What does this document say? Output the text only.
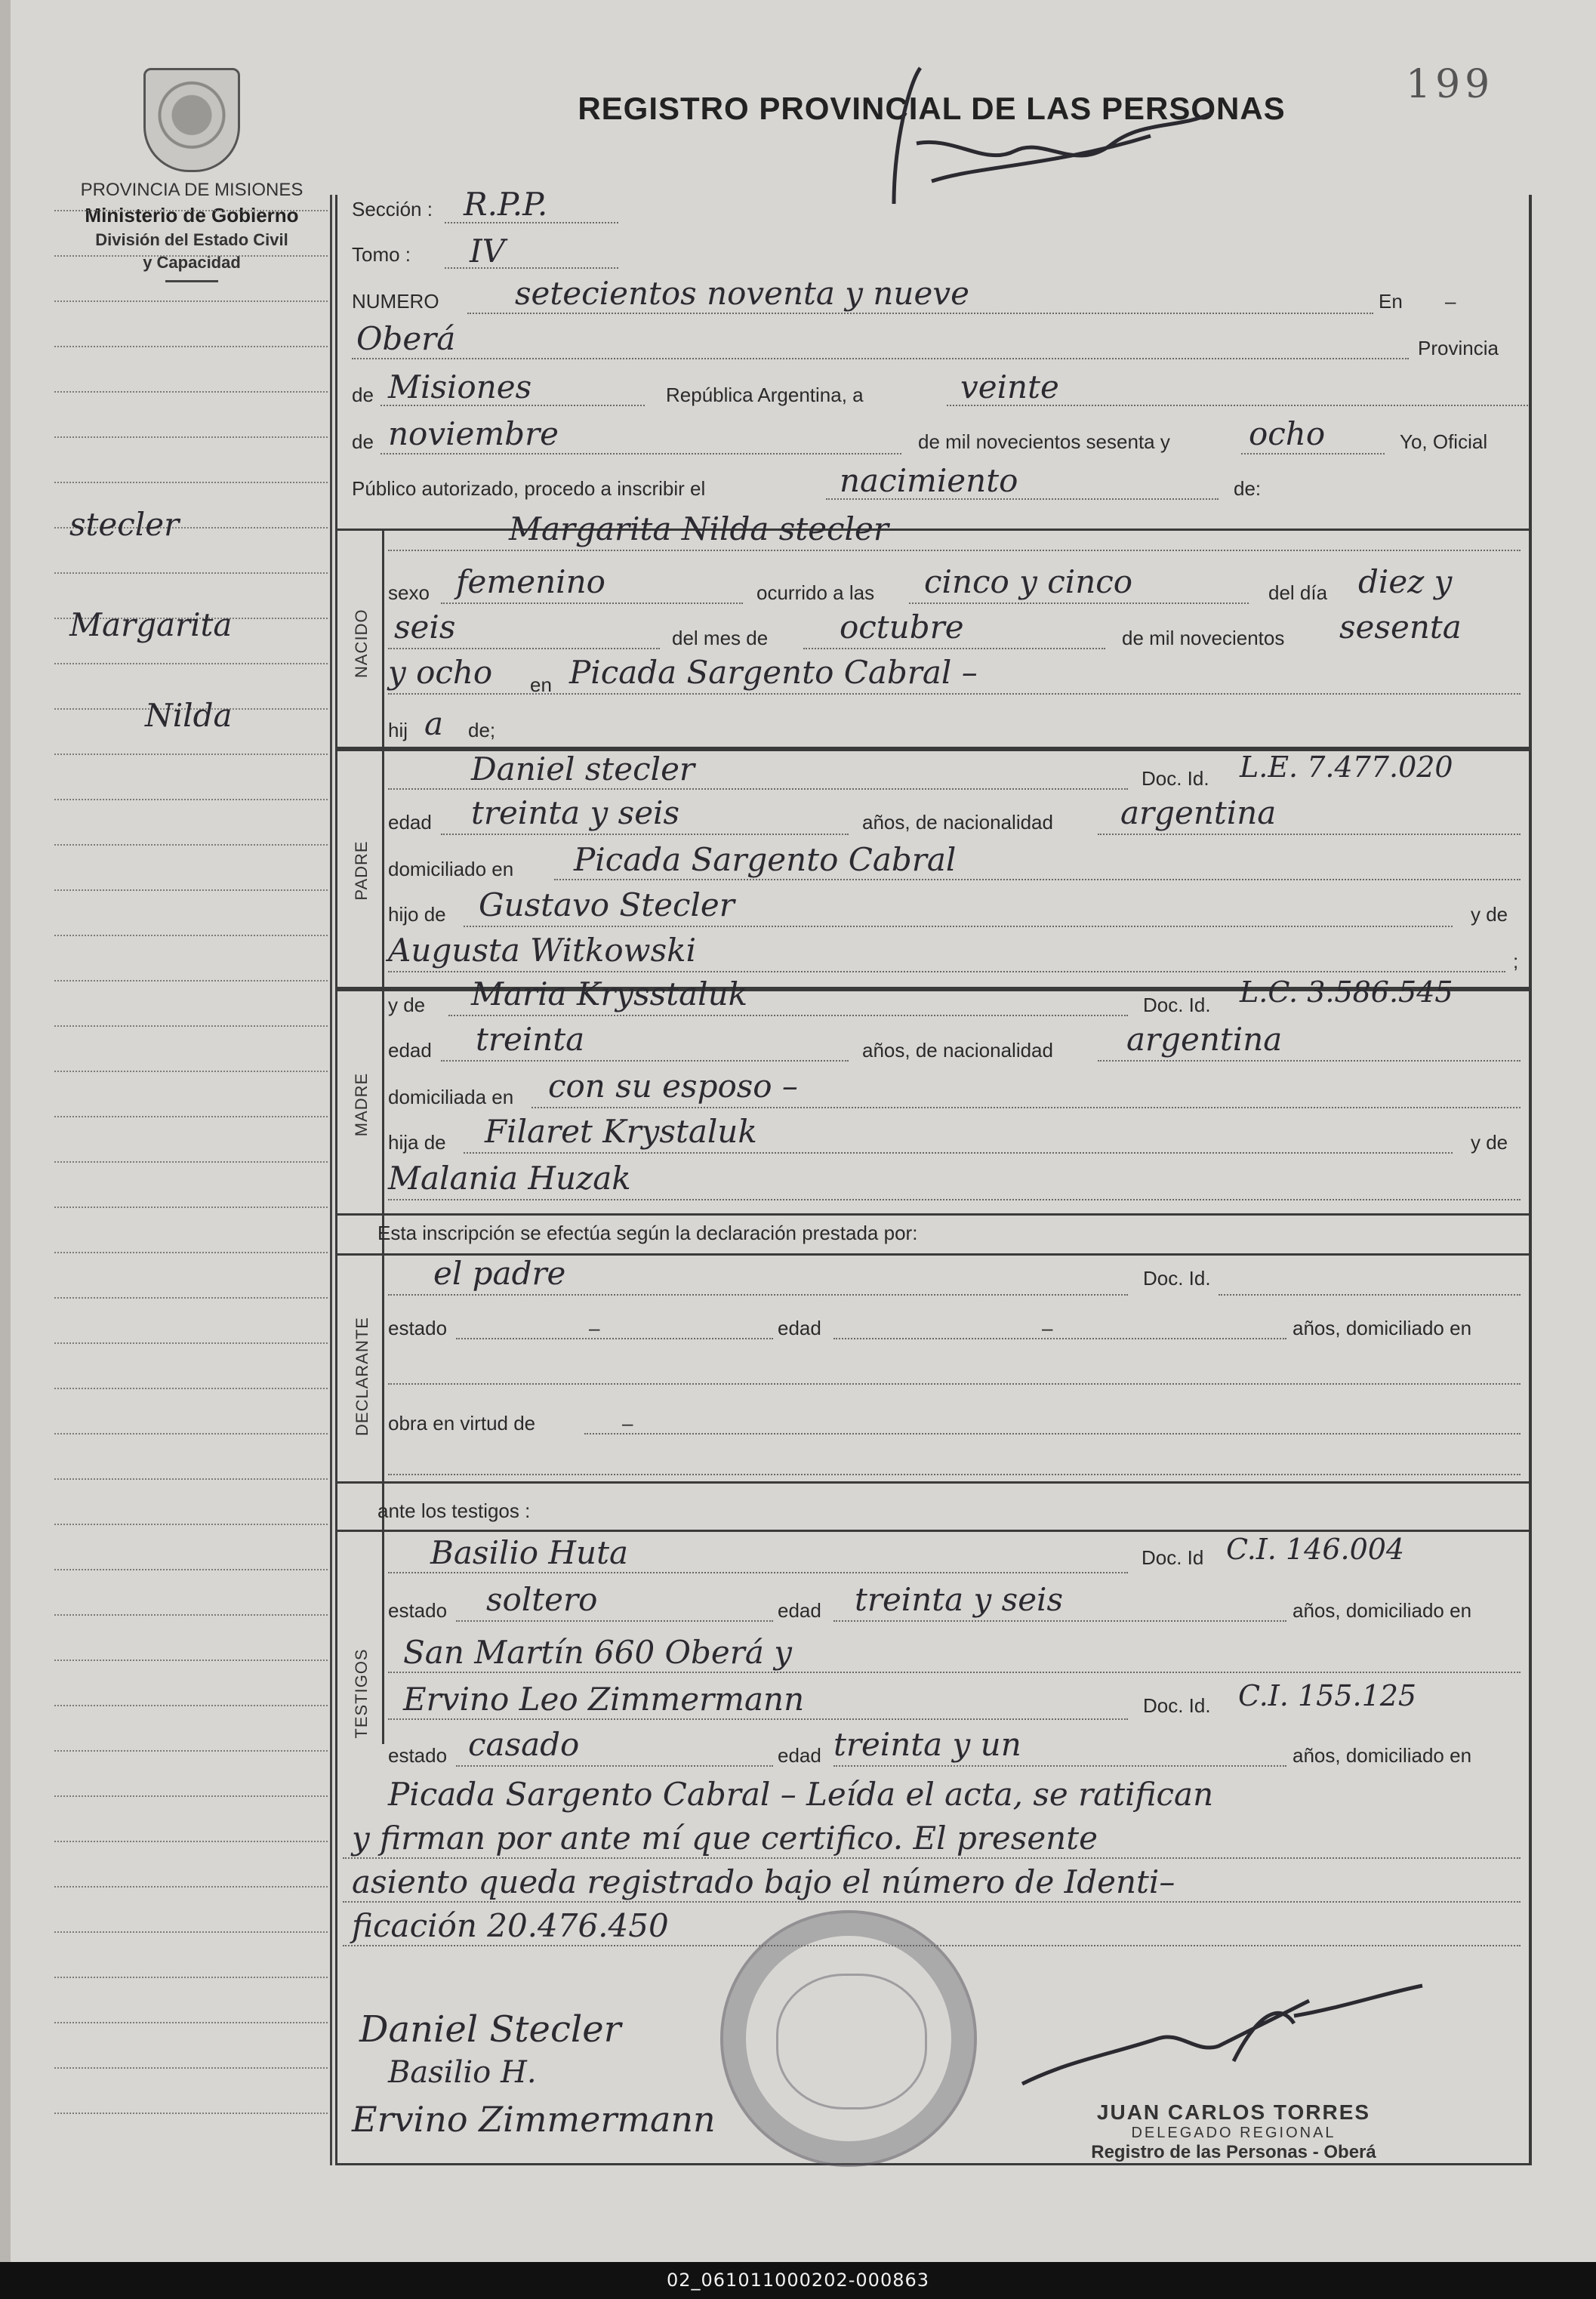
PROVINCIA DE MISIONES
Ministerio de Gobierno
División del Estado Civil
y Capacidad
REGISTRO PROVINCIAL DE LAS PERSONAS
199
stecler
Margarita
Nilda
Sección : R.P.P.
Tomo : IV
NUMERO setecientos noventa y nueve	En –
Oberá	Provincia
de Misiones	República Argentina, a	veinte
de noviembre	de mil novecientos sesenta y ocho	Yo, Oficial
Público autorizado, procedo a inscribir el	nacimiento	de:
NACIDO
Margarita Nilda stecler
sexo femenino	ocurrido a las cinco y cinco	del día diez y
seis	del mes de octubre	de mil novecientos sesenta
y ocho en Picada Sargento Cabral –
hij a de;
PADRE
Daniel stecler	Doc. Id. L.E. 7.477.020
edad treinta y seis	años, de nacionalidad argentina
domiciliado en Picada Sargento Cabral
hijo de Gustavo Stecler	y de
Augusta Witkowski	;
MADRE
y de Maria Krysstaluk	Doc. Id. L.C. 3.586.545
edad treinta	años, de nacionalidad argentina
domiciliada en con su esposo –
hija de Filaret Krystaluk	y de
Malania Huzak
Esta inscripción se efectúa según la declaración prestada por:
DECLARANTE
el padre	Doc. Id.
estado	–	edad	–	años, domiciliado en
obra en virtud de	–
ante los testigos :
TESTIGOS
Basilio Huta	Doc. Id C.I. 146.004
estado soltero	edad treinta y seis	años, domiciliado en
San Martín 660 Oberá y
Ervino Leo Zimmermann	Doc. Id. C.I. 155.125
estado casado	edad treinta y un	años, domiciliado en
Picada Sargento Cabral – Leída el acta, se ratifican
y firman por ante mí que certifico. El presente
asiento queda registrado bajo el número de Identi–
ficación 20.476.450
Daniel Stecler
Basilio H.
Ervino Zimmermann	JUAN CARLOS TORRES
DELEGADO REGIONAL
Registro de las Personas - Oberá
02_061011000202-000863
